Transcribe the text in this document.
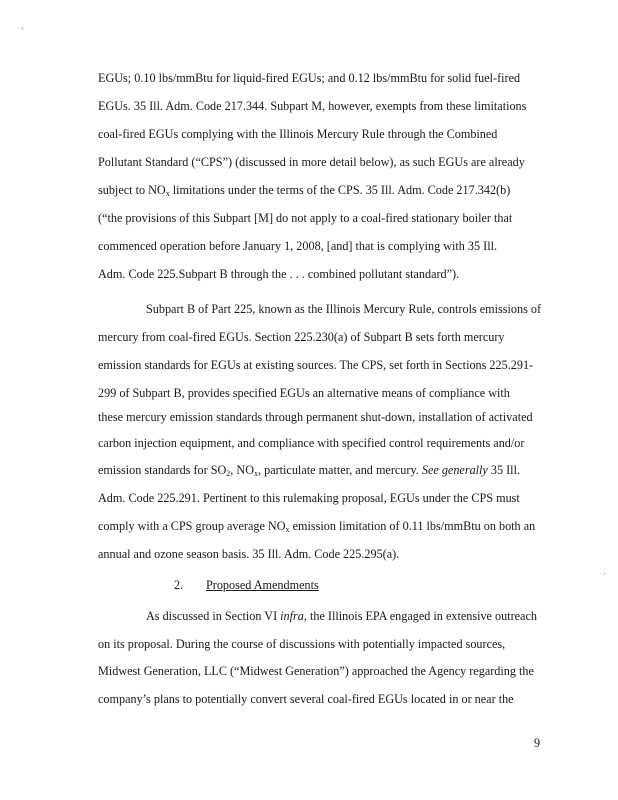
EGUs; 0.10 lbs/mmBtu for liquid-fired EGUs; and 0.12 lbs/mmBtu for solid fuel-fired
EGUs. 35 Ill. Adm. Code 217.344. Subpart M, however, exempts from these limitations
coal-fired EGUs complying with the Illinois Mercury Rule through the Combined
Pollutant Standard (“CPS”) (discussed in more detail below), as such EGUs are already
subject to $NO_x$ limitations under the terms of the CPS. 35 Ill. Adm. Code 217.342(b)
(“the provisions of this Subpart [M] do not apply to a coal-fired stationary boiler that
commenced operation before January 1, 2008, [and] that is complying with 35 Ill.
Adm. Code 225.Subpart B through the . . . combined pollutant standard”).
Subpart B of Part 225, known as the Illinois Mercury Rule, controls emissions of
mercury from coal-fired EGUs. Section 225.230(a) of Subpart B sets forth mercury
emission standards for EGUs at existing sources. The CPS, set forth in Sections 225.291-
299 of Subpart B, provides specified EGUs an alternative means of compliance with
these mercury emission standards through permanent shut-down, installation of activated
carbon injection equipment, and compliance with specified control requirements and/or
emission standards for $SO_2$, $NO_x$, particulate matter, and mercury. See generally 35 Ill.
Adm. Code 225.291. Pertinent to this rulemaking proposal, EGUs under the CPS must
comply with a CPS group average $NO_x$ emission limitation of 0.11 lbs/mmBtu on both an
annual and ozone season basis. 35 Ill. Adm. Code 225.295(a).
2. Proposed Amendments
As discussed in Section VI infra, the Illinois EPA engaged in extensive outreach
on its proposal. During the course of discussions with potentially impacted sources,
Midwest Generation, LLC (“Midwest Generation”) approached the Agency regarding the
company’s plans to potentially convert several coal-fired EGUs located in or near the
9
